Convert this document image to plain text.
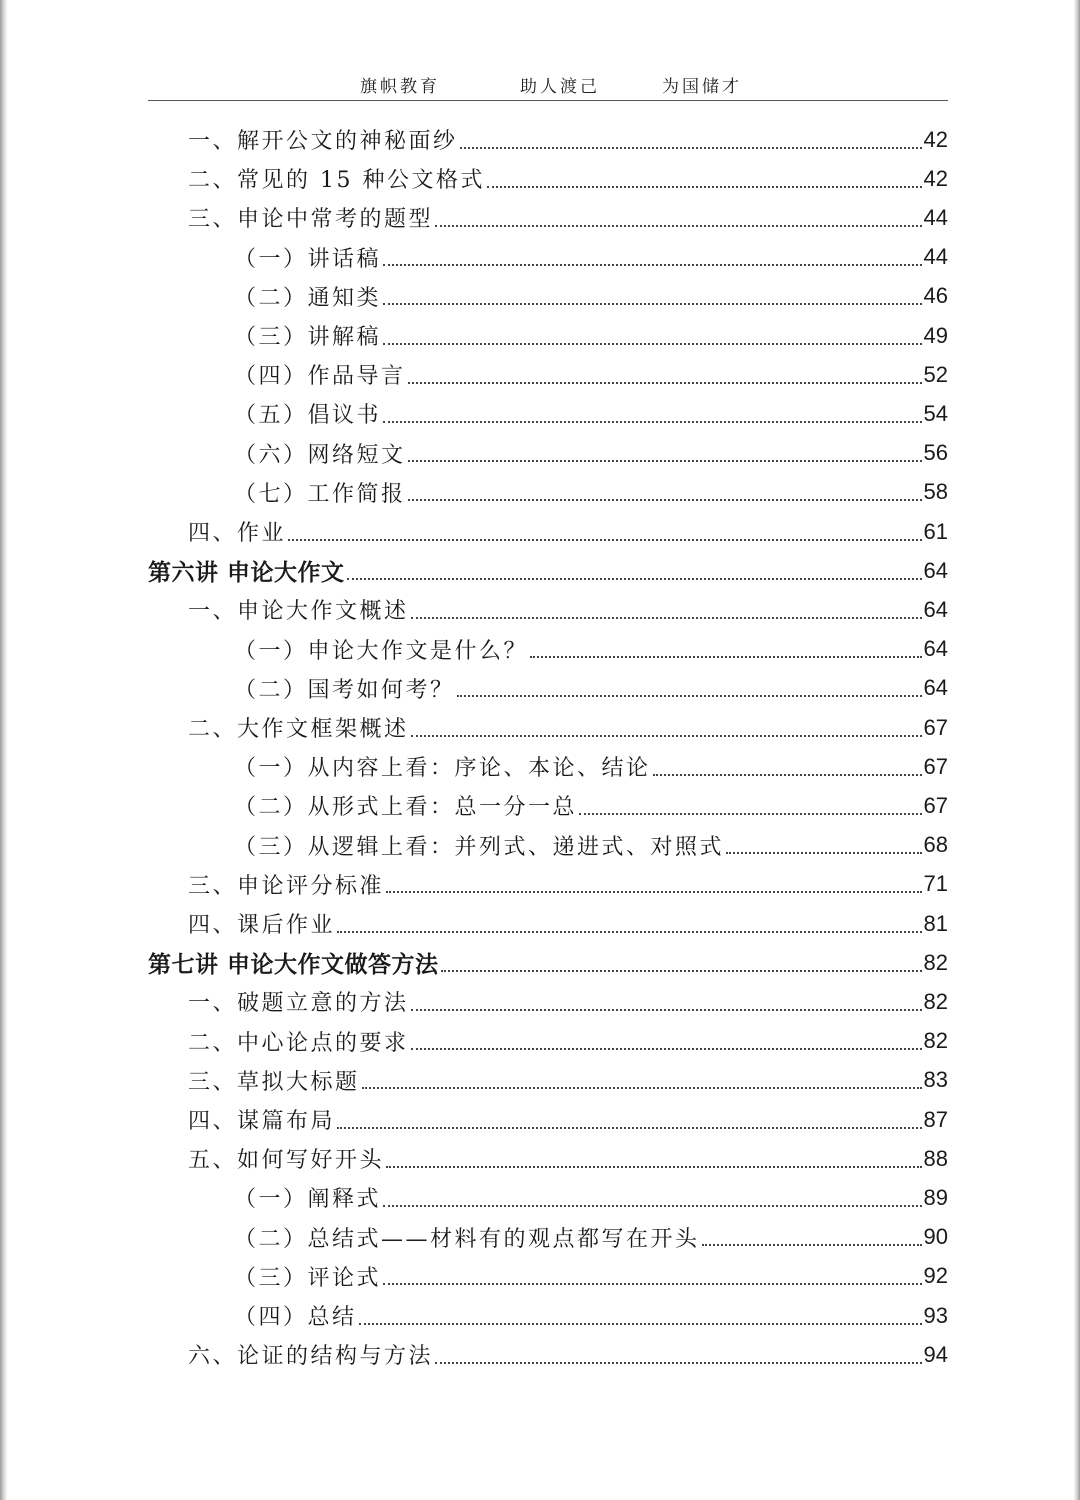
旗帜教育	助人渡己	为国储才
一、解开公文的神秘面纱	42
二、常见的 15 种公文格式	42
三、申论中常考的题型	44
（一）讲话稿	44
（二）通知类	46
（三）讲解稿	49
（四）作品导言	52
（五）倡议书	54
（六）网络短文	56
（七）工作简报	58
四、作业	61
第六讲 申论大作文	64
一、申论大作文概述	64
（一）申论大作文是什么？	64
（二）国考如何考？	64
二、大作文框架概述	67
（一）从内容上看：序论、本论、结论	67
（二）从形式上看：总一分一总	67
（三）从逻辑上看：并列式、递进式、对照式	68
三、申论评分标准	71
四、课后作业	81
第七讲 申论大作文做答方法	82
一、破题立意的方法	82
二、中心论点的要求	82
三、草拟大标题	83
四、谋篇布局	87
五、如何写好开头	88
（一）阐释式	89
（二）总结式——材料有的观点都写在开头	90
（三）评论式	92
（四）总结	93
六、论证的结构与方法	94
